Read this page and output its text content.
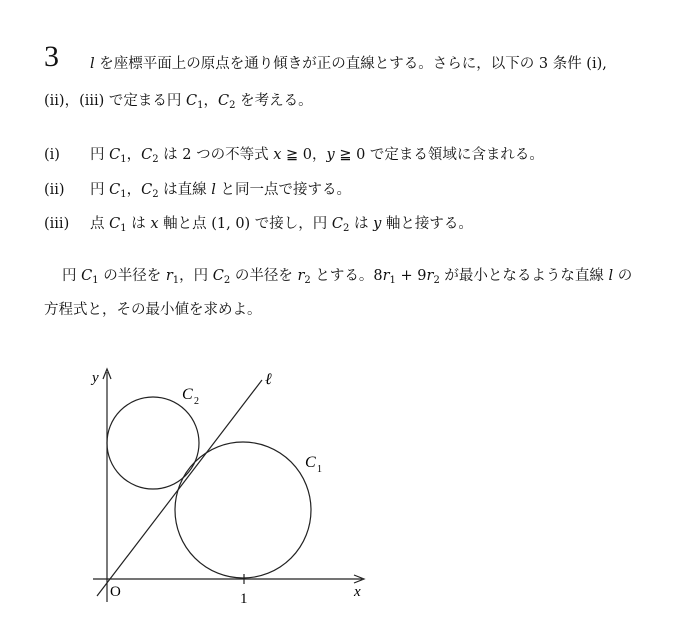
3 l を座標平面上の原点を通り傾きが正の直線とする。さらに，以下の 3 条件 (i),
(ii)，(iii) で定まる円 $C_1$，$C_2$ を考える。
(i) 円 $C_1$，$C_2$ は 2 つの不等式 x ≧ 0，y ≧ 0 で定まる領域に含まれる。
(ii) 円 $C_1$，$C_2$ は直線 l と同一点で接する。
(iii) 点 $C_1$ は x 軸と点 (1, 0) で接し，円 $C_2$ は y 軸と接する。
円 $C_1$ の半径を $r_1$，円 $C_2$ の半径を $r_2$ とする。$8r_1 + 9r_2$ が最小となるような直線 l の
方程式と，その最小値を求めよ。
y
x
O	1
ℓ
C 2
C 1
